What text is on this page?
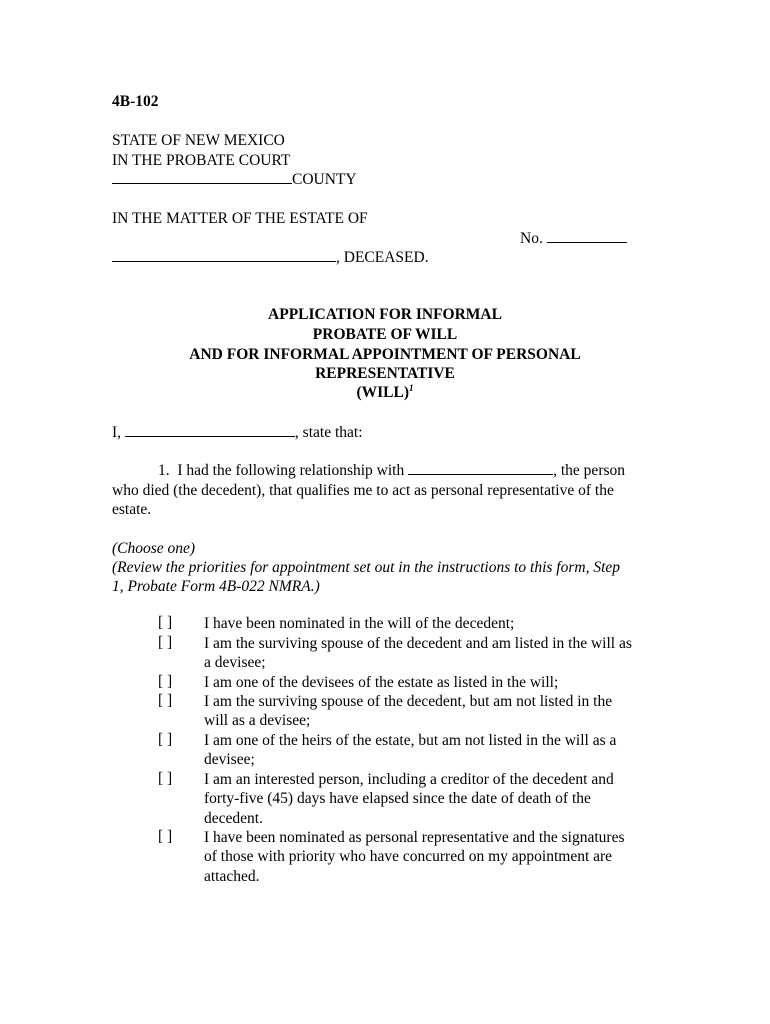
4B-102
STATE OF NEW MEXICO
IN THE PROBATE COURT
COUNTY
IN THE MATTER OF THE ESTATE OF
No.
, DECEASED.
APPLICATION FOR INFORMAL
PROBATE OF WILL
AND FOR INFORMAL APPOINTMENT OF PERSONAL
REPRESENTATIVE
(WILL)$^1$
I,	, state that:
1. I had the following relationship with	, the person
who died (the decedent), that qualifies me to act as personal representative of the
estate.
(Choose one)
(Review the priorities for appointment set out in the instructions to this form, Step
1, Probate Form 4B-022 NMRA.)
[ ] I have been nominated in the will of the decedent;
[ ] I am the surviving spouse of the decedent and am listed in the will as
a devisee;
[ ] I am one of the devisees of the estate as listed in the will;
[ ] I am the surviving spouse of the decedent, but am not listed in the
will as a devisee;
[ ] I am one of the heirs of the estate, but am not listed in the will as a
devisee;
[ ] I am an interested person, including a creditor of the decedent and
forty-five (45) days have elapsed since the date of death of the
decedent.
[ ] I have been nominated as personal representative and the signatures
of those with priority who have concurred on my appointment are
attached.
